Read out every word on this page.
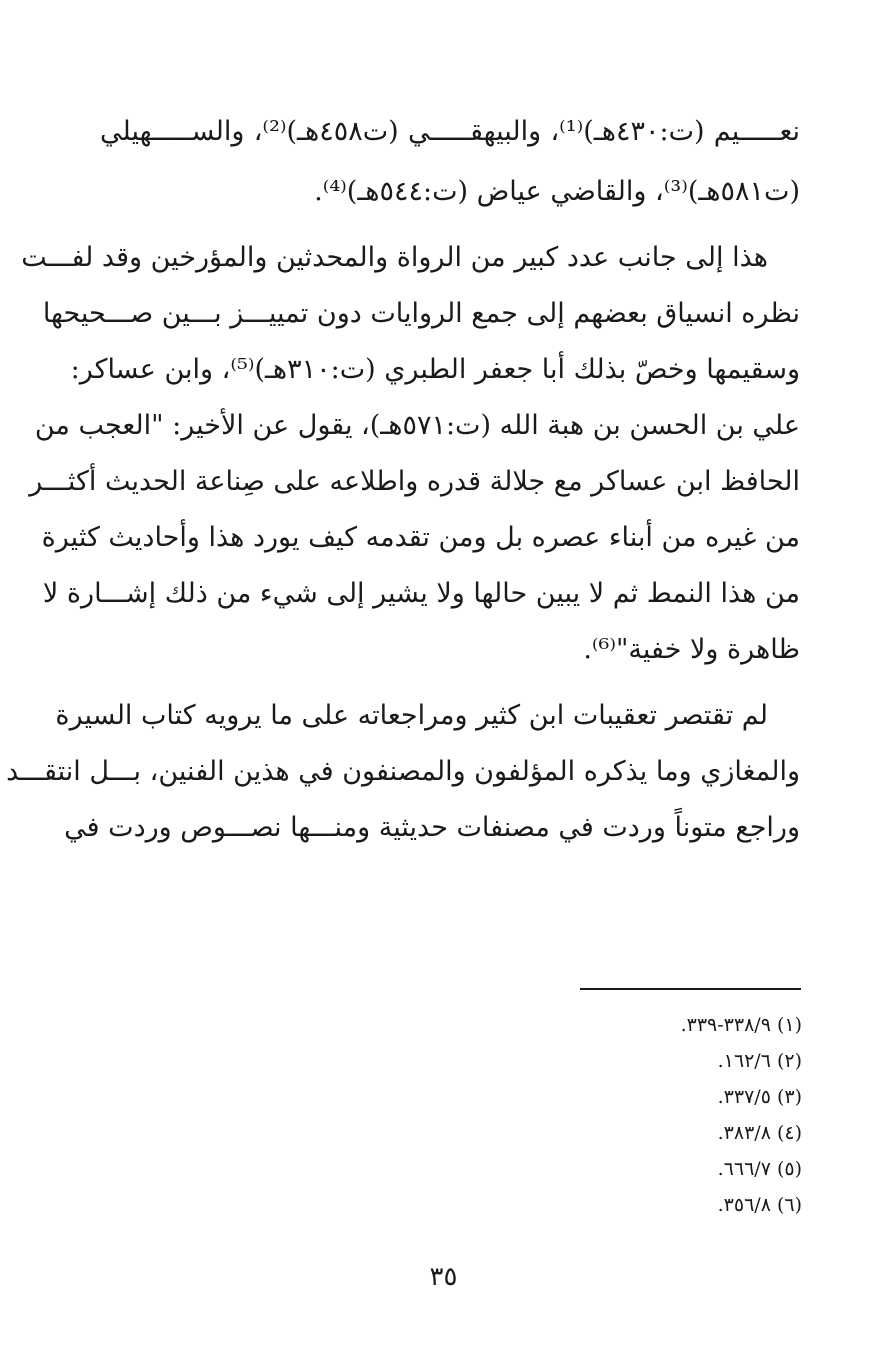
نعـــــيم (ت:٤٣٠هـ)⁽¹⁾، والبيهقـــــي (ت٤٥٨هـ)⁽²⁾، والســـــهيلي
(ت٥٨١هـ)⁽³⁾، والقاضي عياض (ت:٥٤٤هـ)⁽⁴⁾.
هذا إلى جانب عدد كبير من الرواة والمحدثين والمؤرخين وقد لفـــت
نظره انسياق بعضهم إلى جمع الروايات دون تمييـــز بـــين صـــحيحها
وسقيمها وخصّ بذلك أبا جعفر الطبري (ت:٣١٠هـ)⁽⁵⁾، وابن عساكر:
علي بن الحسن بن هبة الله (ت:٥٧١هـ)، يقول عن الأخير: "العجب من
الحافظ ابن عساكر مع جلالة قدره واطلاعه على صِناعة الحديث أكثـــر
من غيره من أبناء عصره بل ومن تقدمه كيف يورد هذا وأحاديث كثيرة
من هذا النمط ثم لا يبين حالها ولا يشير إلى شيء من ذلك إشـــارة لا
ظاهرة ولا خفية"⁽⁶⁾.
لم تقتصر تعقيبات ابن كثير ومراجعاته على ما يرويه كتاب السيرة
والمغازي وما يذكره المؤلفون والمصنفون في هذين الفنين، بـــل انتقـــد
وراجع متوناً وردت في مصنفات حديثية ومنـــها نصـــوص وردت في
(١) ٣٣٨/٩-٣٣٩.
(٢) ١٦٢/٦.
(٣) ٣٣٧/٥.
(٤) ٣٨٣/٨.
(٥) ٦٦٦/٧.
(٦) ٣٥٦/٨.
٣٥
